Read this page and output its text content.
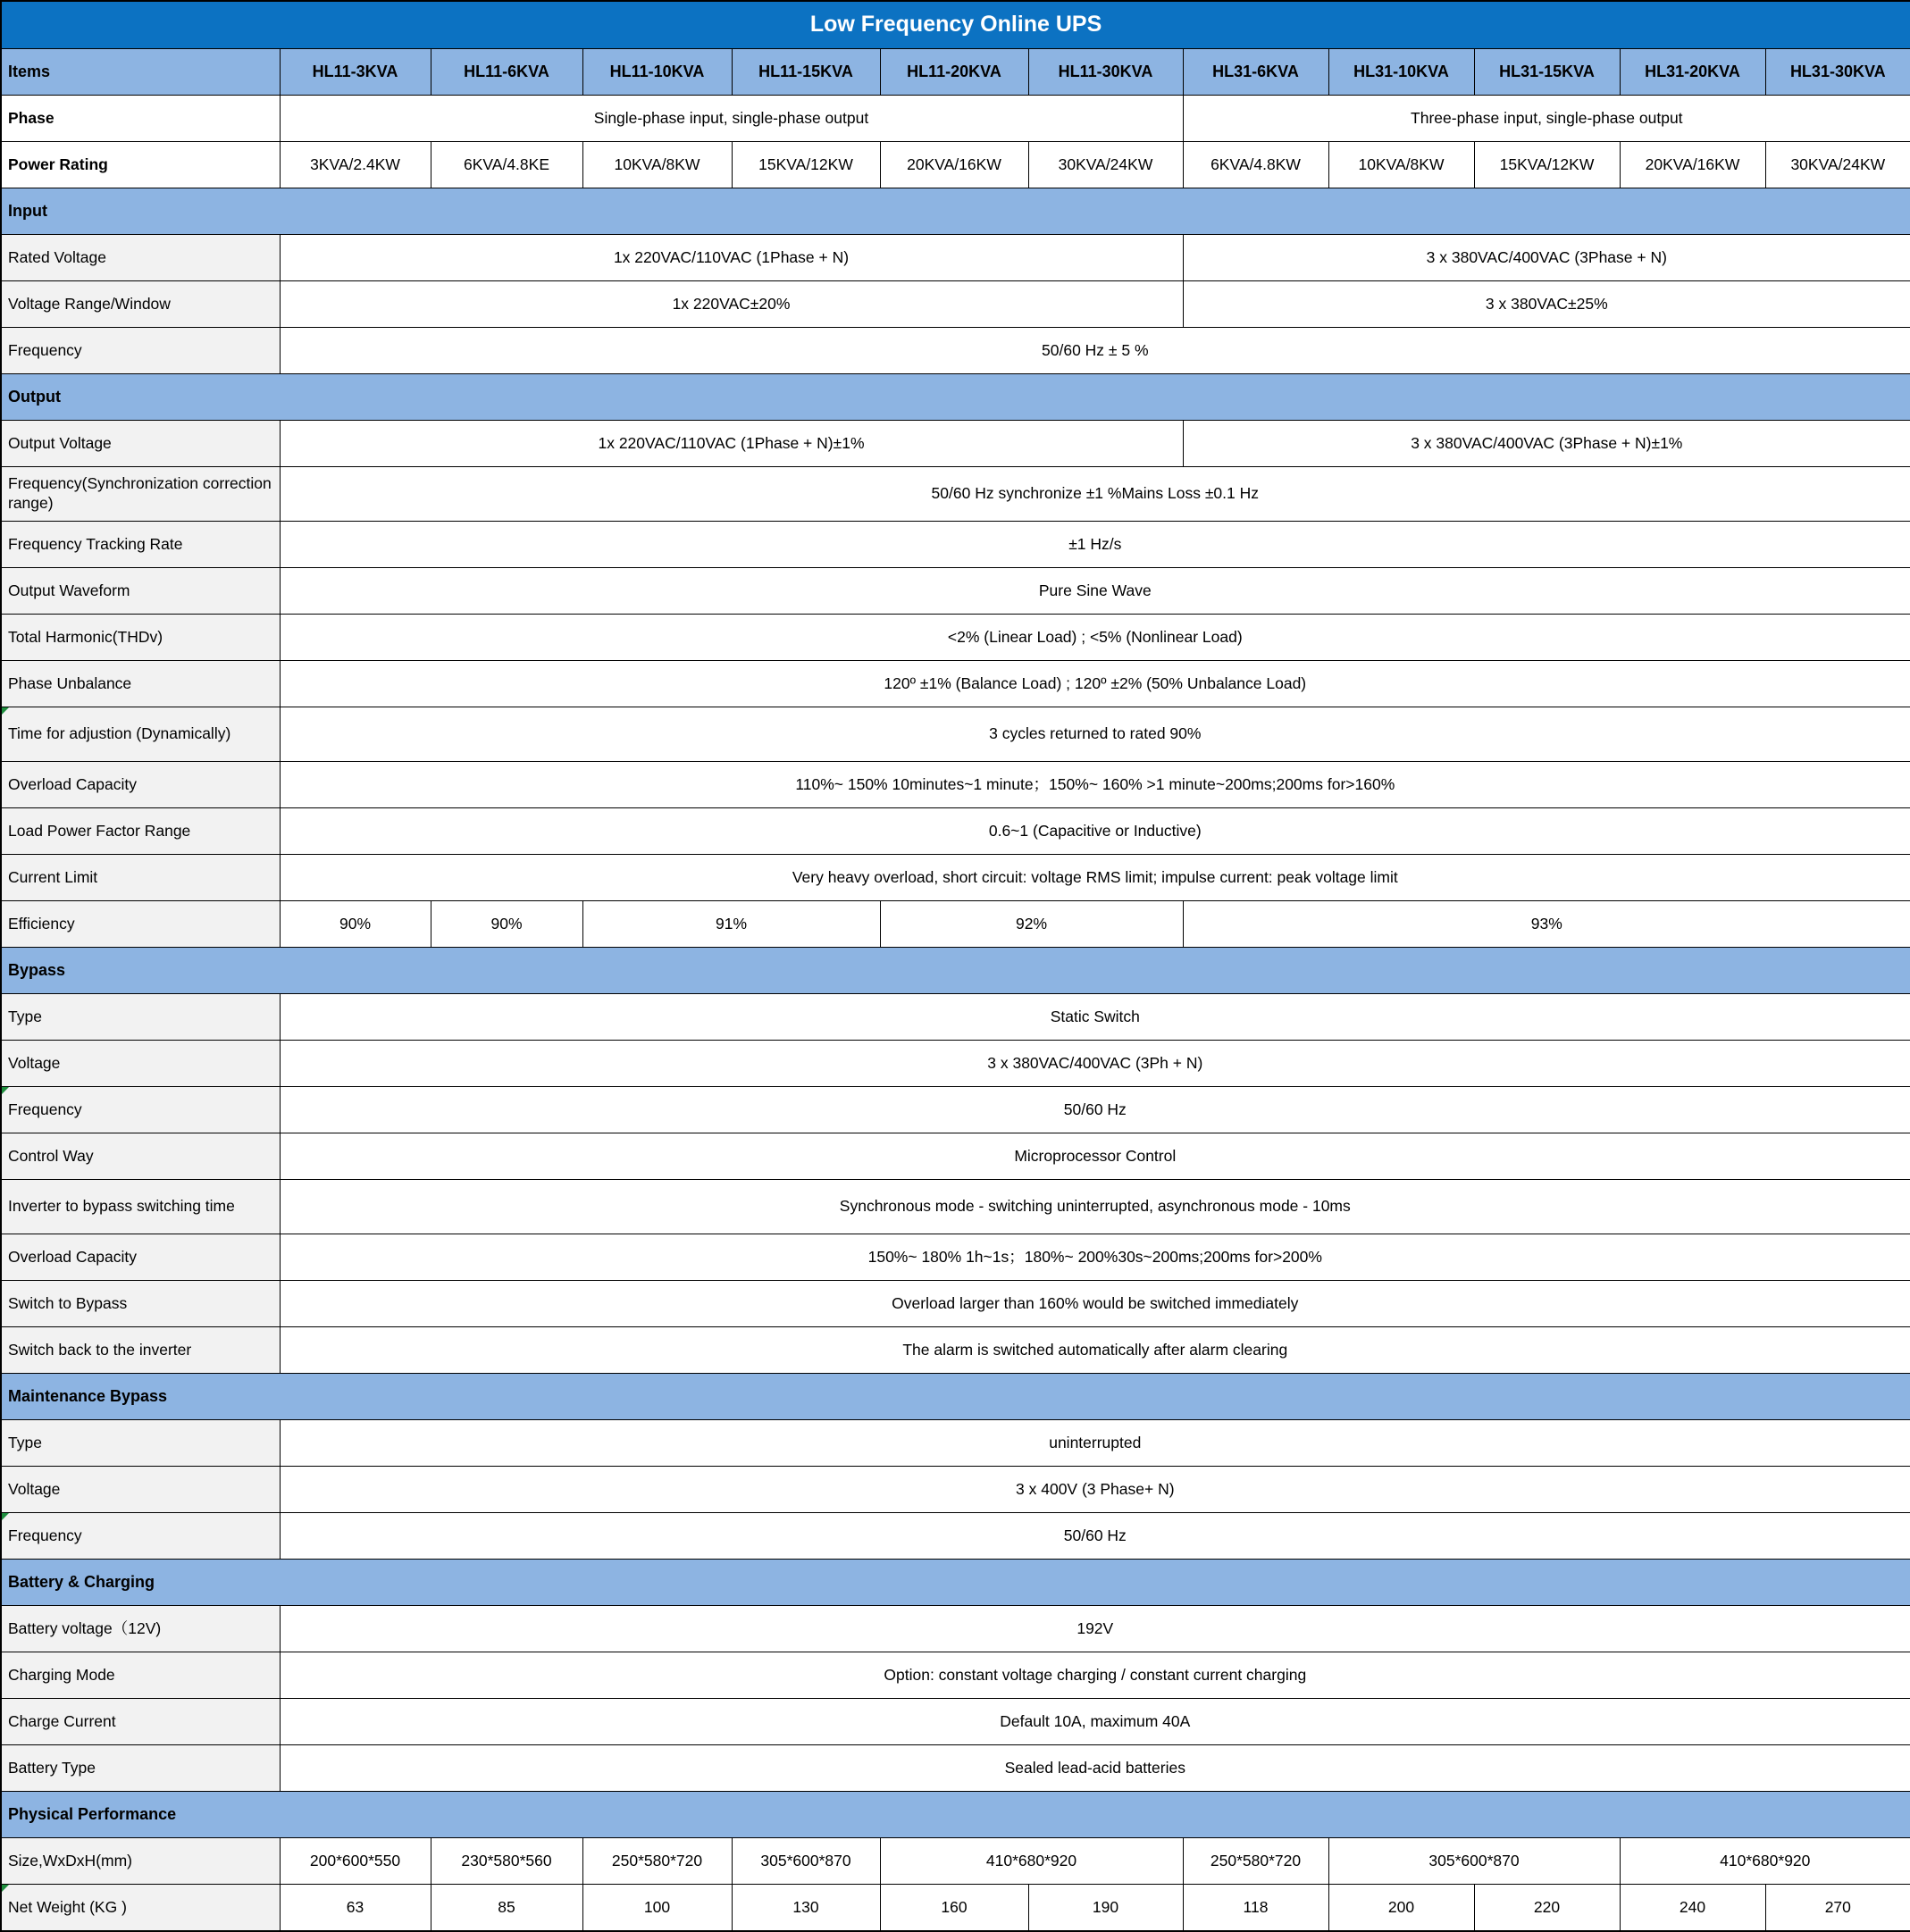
Low Frequency Online UPS											
Items	HL11-3KVA	HL11-6KVA	HL11-10KVA	HL11-15KVA	HL11-20KVA	HL11-30KVA	HL31-6KVA	HL31-10KVA	HL31-15KVA	HL31-20KVA	HL31-30KVA
Phase	Single-phase input, single-phase output						Three-phase input, single-phase output				
Power Rating	3KVA/2.4KW	6KVA/4.8KE	10KVA/8KW	15KVA/12KW	20KVA/16KW	30KVA/24KW	6KVA/4.8KW	10KVA/8KW	15KVA/12KW	20KVA/16KW	30KVA/24KW
Input											
Rated Voltage	1x 220VAC/110VAC (1Phase + N)						3 x 380VAC/400VAC (3Phase + N)				
Voltage Range/Window	1x 220VAC±20%						3 x 380VAC±25%				
Frequency	50/60 Hz ± 5 %										
Output											
Output Voltage	1x 220VAC/110VAC (1Phase + N)±1%						3 x 380VAC/400VAC (3Phase + N)±1%				
Frequency(Synchronization correction range)	50/60 Hz synchronize ±1 %Mains Loss ±0.1 Hz										
Frequency Tracking Rate	±1 Hz/s										
Output Waveform	Pure Sine Wave										
Total Harmonic(THDv)	<2% (Linear Load) ; <5% (Nonlinear Load)										
Phase Unbalance	120º ±1% (Balance Load) ; 120º ±2% (50% Unbalance Load)										
Time for adjustion (Dynamically)	3 cycles returned to rated 90%										
Overload Capacity	110%~ 150% 10minutes~1 minute；150%~ 160% >1 minute~200ms;200ms for>160%										
Load Power Factor Range	0.6~1 (Capacitive or Inductive)										
Current Limit	Very heavy overload, short circuit: voltage RMS limit; impulse current: peak voltage limit										
Efficiency	90%	90%	91%		92%		93%				
Bypass											
Type	Static Switch										
Voltage	3 x 380VAC/400VAC (3Ph + N)										
Frequency	50/60 Hz										
Control Way	Microprocessor Control										
Inverter to bypass switching time	Synchronous mode - switching uninterrupted, asynchronous mode - 10ms										
Overload Capacity	150%~ 180% 1h~1s；180%~ 200%30s~200ms;200ms for>200%										
Switch to Bypass	Overload larger than 160% would be switched immediately										
Switch back to the inverter	The alarm is switched automatically after alarm clearing										
Maintenance Bypass											
Type	uninterrupted										
Voltage	3 x 400V (3 Phase+ N)										
Frequency	50/60 Hz										
Battery & Charging											
Battery voltage（12V)	192V										
Charging Mode	Option: constant voltage charging / constant current charging										
Charge Current	Default 10A, maximum 40A										
Battery Type	Sealed lead-acid batteries										
Physical Performance											
Size,WxDxH(mm)	200*600*550	230*580*560	250*580*720	305*600*870	410*680*920		250*580*720	305*600*870		410*680*920	
Net Weight (KG )	63	85	100	130	160	190	118	200	220	240	270
